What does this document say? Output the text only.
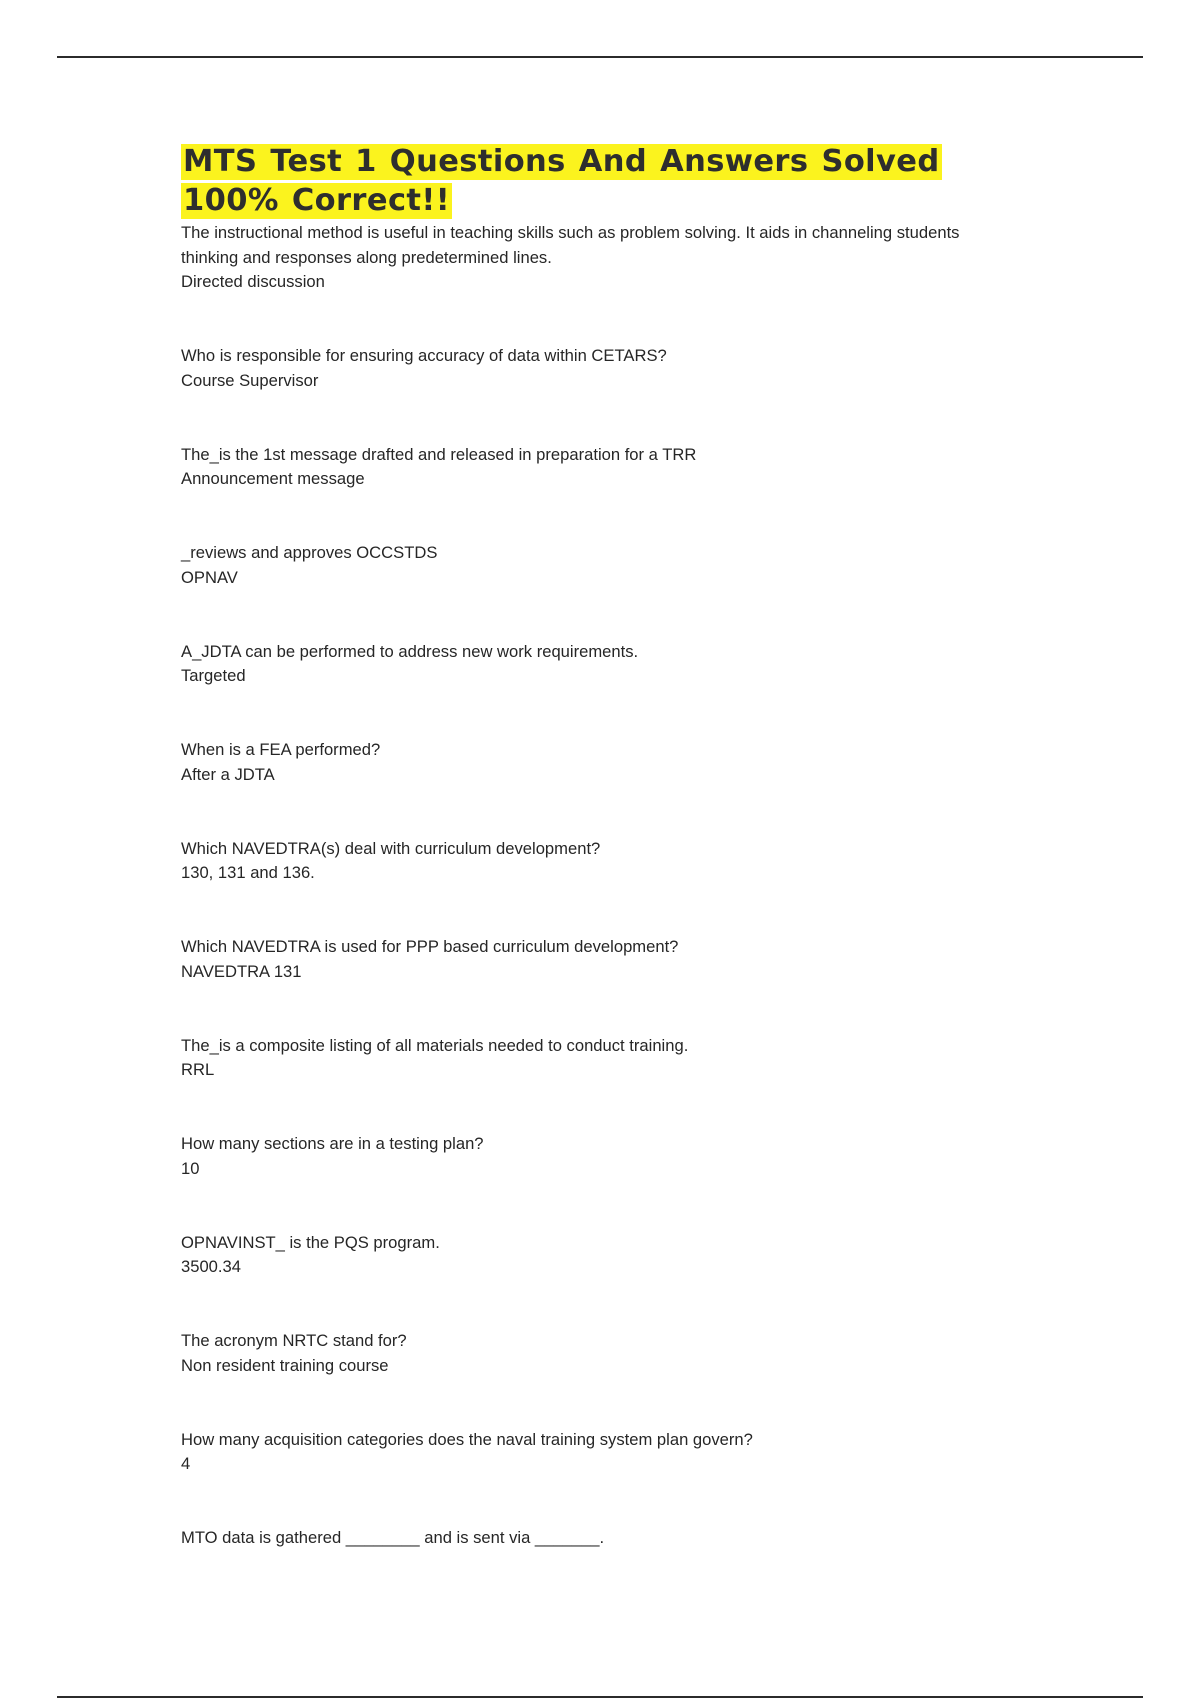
MTS Test 1 Questions And Answers Solved
100% Correct!!
The instructional method is useful in teaching skills such as problem solving. It aids in channeling students thinking and responses along predetermined lines.
Directed discussion
Who is responsible for ensuring accuracy of data within CETARS?
Course Supervisor
The_is the 1st message drafted and released in preparation for a TRR
Announcement message
_reviews and approves OCCSTDS
OPNAV
A_JDTA can be performed to address new work requirements.
Targeted
When is a FEA performed?
After a JDTA
Which NAVEDTRA(s) deal with curriculum development?
130, 131 and 136.
Which NAVEDTRA is used for PPP based curriculum development?
NAVEDTRA 131
The_is a composite listing of all materials needed to conduct training.
RRL
How many sections are in a testing plan?
10
OPNAVINST_ is the PQS program.
3500.34
The acronym NRTC stand for?
Non resident training course
How many acquisition categories does the naval training system plan govern?
4
MTO data is gathered ________ and is sent via _______.
